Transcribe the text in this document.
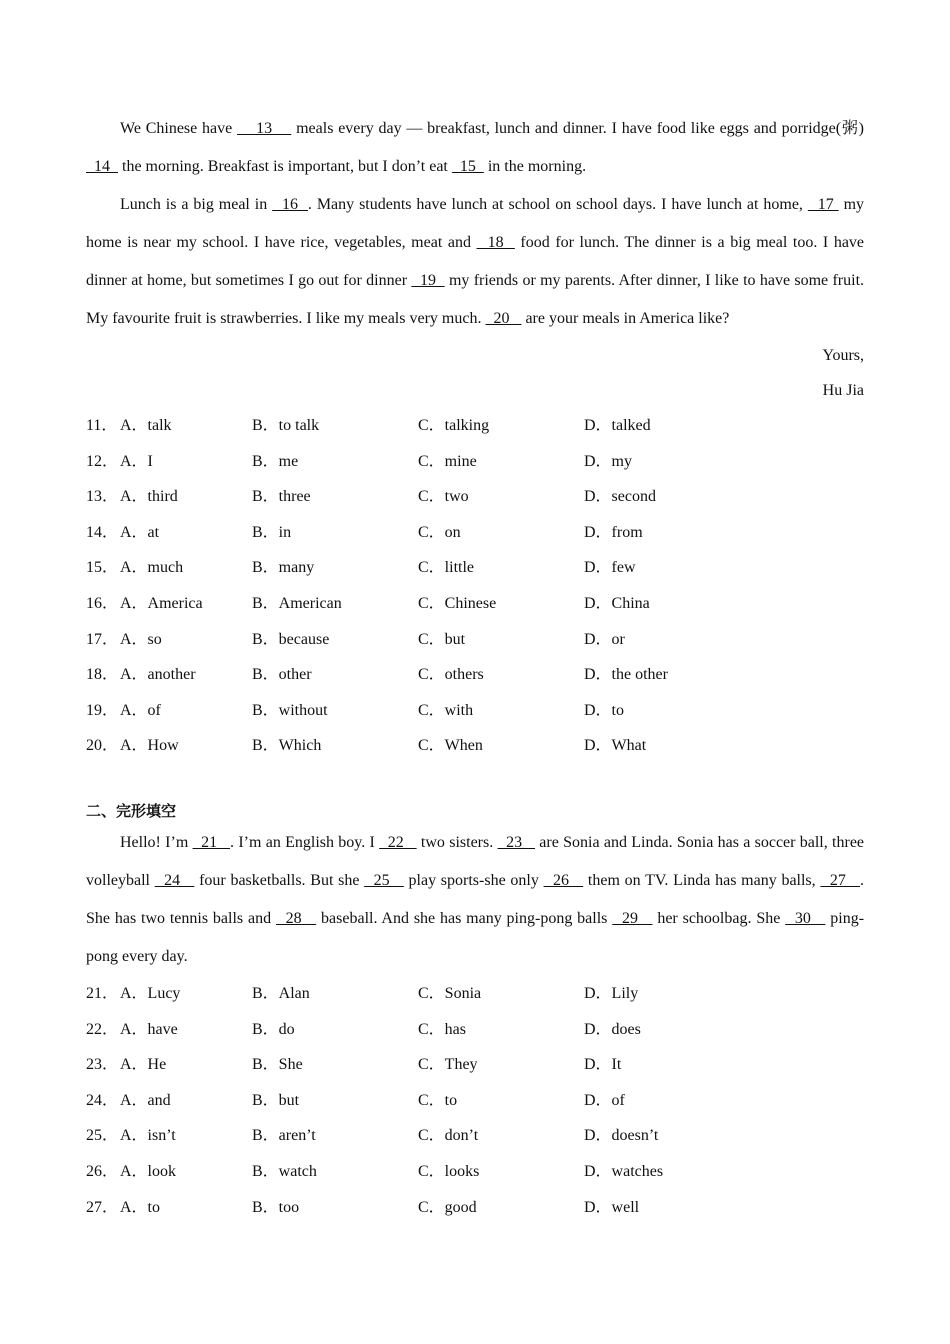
We Chinese have     13     meals every day — breakfast, lunch and dinner. I have food like eggs and porridge(粥)   14   the morning. Breakfast is important, but I don’t eat   15   in the morning.

Lunch is a big meal in   16  . Many students have lunch at school on school days. I have lunch at home,   17  my home is near my school. I have rice, vegetables, meat and   18   food for lunch. The dinner is a big meal too. I have dinner at home, but sometimes I go out for dinner   19   my friends or my parents. After dinner, I like to have some fruit. My favourite fruit is strawberries. I like my meals very much.   20    are your meals in America like?

Yours,

Hu Jia

11． A．talk	B．to talk	C．talking	D．talked
12． A．I	B．me	C．mine	D．my
13． A．third	B．three	C．two	D．second
14． A．at	B．in	C．on	D．from
15． A．much	B．many	C．little	D．few
16． A．America	B．American	C．Chinese	D．China
17． A．so	B．because	C．but	D．or
18． A．another	B．other	C．others	D．the other
19． A．of	B．without	C．with	D．to
20． A．How	B．Which	C．When	D．What
二、完形填空

Hello! I’m   21   . I’m an English boy. I   22    two sisters.   23    are Sonia and Linda. Sonia has a soccer ball, three volleyball   24    four basketballs. But she   25    play sports-she only   26    them on TV. Linda has many balls,   27   . She has two tennis balls and   28    baseball. And she has many ping-pong balls   29    her schoolbag. She   30    ping-pong every day.

21． A．Lucy	B．Alan	C．Sonia	D．Lily
22． A．have	B．do	C．has	D．does
23． A．He	B．She	C．They	D．It
24． A．and	B．but	C．to	D．of
25． A．isn’t	B．aren’t	C．don’t	D．doesn’t
26． A．look	B．watch	C．looks	D．watches
27． A．to	B．too	C．good	D．well
